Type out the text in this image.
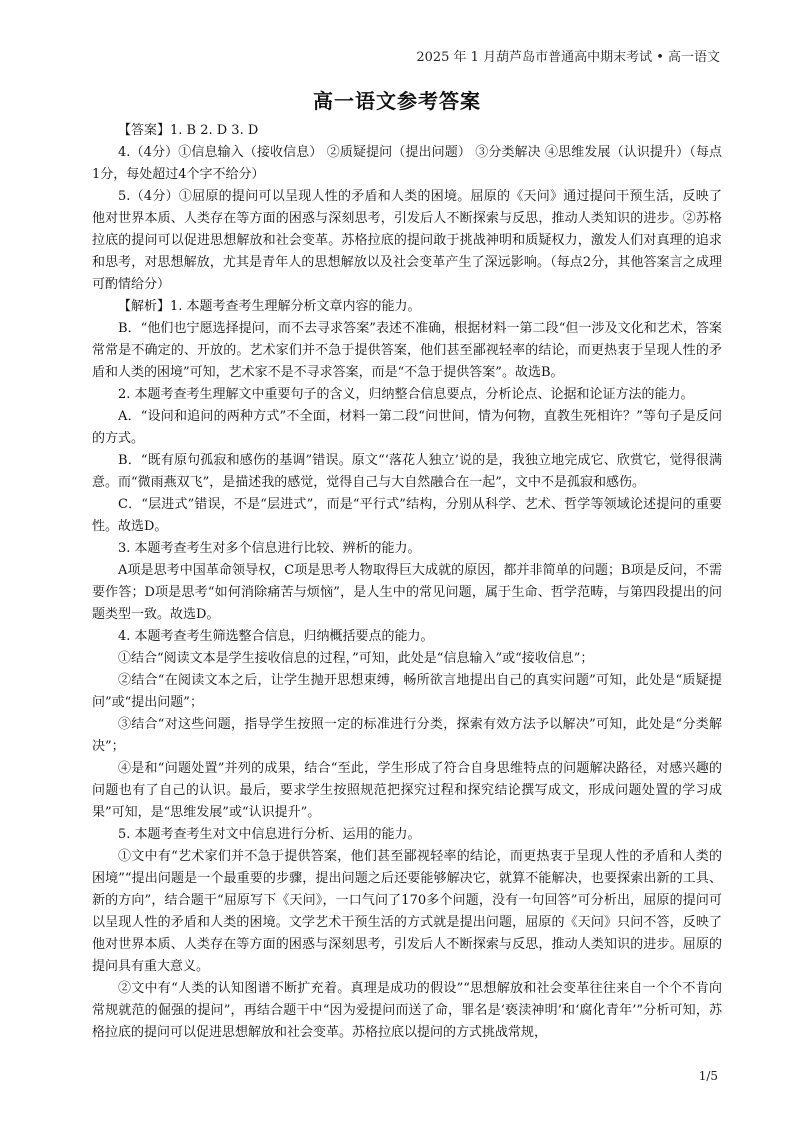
2025 年 1 月葫芦岛市普通高中期末考试 • 高一语文
高一语文参考答案

【答案】1. B 2. D 3. D

4.（4分）①信息输入（接收信息） ②质疑提问（提出问题） ③分类解决 ④思维发展（认识提升）（每点1分，每处超过4个字不给分）

5.（4分）①屈原的提问可以呈现人性的矛盾和人类的困境。屈原的《天问》通过提问干预生活，反映了他对世界本质、人类存在等方面的困惑与深刻思考，引发后人不断探索与反思，推动人类知识的进步。②苏格拉底的提问可以促进思想解放和社会变革。苏格拉底的提问敢于挑战神明和质疑权力，激发人们对真理的追求和思考，对思想解放，尤其是青年人的思想解放以及社会变革产生了深远影响。（每点2分，其他答案言之成理可酌情给分）

【解析】1. 本题考查考生理解分析文章内容的能力。

B．“他们也宁愿选择提问，而不去寻求答案”表述不准确，根据材料一第二段“但一涉及文化和艺术，答案常常是不确定的、开放的。艺术家们并不急于提供答案，他们甚至鄙视轻率的结论，而更热衷于呈现人性的矛盾和人类的困境”可知，艺术家不是不寻求答案，而是“不急于提供答案”。故选B。

2. 本题考查考生理解文中重要句子的含义，归纳整合信息要点，分析论点、论据和论证方法的能力。

A．“设问和追问的两种方式”不全面，材料一第二段“问世间，情为何物，直教生死相许？”等句子是反问的方式。

B．“既有原句孤寂和感伤的基调”错误。原文“‘落花人独立’说的是，我独立地完成它、欣赏它，觉得很满意。而“微雨燕双飞”，是描述我的感觉，觉得自己与大自然融合在一起”，文中不是孤寂和感伤。

C．“层进式”错误，不是“层进式”，而是“平行式”结构，分别从科学、艺术、哲学等领域论述提问的重要性。故选D。

3. 本题考查考生对多个信息进行比较、辨析的能力。

A项是思考中国革命领导权，C项是思考人物取得巨大成就的原因，都并非简单的问题；B项是反问，不需要作答；D项是思考“如何消除痛苦与烦恼”，是人生中的常见问题，属于生命、哲学范畴，与第四段提出的问题类型一致。故选D。

4. 本题考查考生筛选整合信息，归纳概括要点的能力。

①结合“阅读文本是学生接收信息的过程，”可知，此处是“信息输入”或“接收信息”；

②结合“在阅读文本之后，让学生抛开思想束缚，畅所欲言地提出自己的真实问题”可知，此处是“质疑提问”或“提出问题”；

③结合“对这些问题，指导学生按照一定的标准进行分类，探索有效方法予以解决”可知，此处是“分类解决”；

④是和“问题处置”并列的成果，结合“至此，学生形成了符合自身思维特点的问题解决路径，对感兴趣的问题也有了自己的认识。最后，要求学生按照规范把探究过程和探究结论撰写成文，形成问题处置的学习成果”可知，是“思维发展”或“认识提升”。

5. 本题考查考生对文中信息进行分析、运用的能力。

①文中有“艺术家们并不急于提供答案，他们甚至鄙视轻率的结论，而更热衷于呈现人性的矛盾和人类的困境”“提出问题是一个最重要的步骤，提出问题之后还要能够解决它，就算不能解决，也要探索出新的工具、新的方向”，结合题干“屈原写下《天问》，一口气问了170多个问题，没有一句回答”可分析出，屈原的提问可以呈现人性的矛盾和人类的困境。文学艺术干预生活的方式就是提出问题，屈原的《天问》只问不答，反映了他对世界本质、人类存在等方面的困惑与深刻思考，引发后人不断探索与反思，推动人类知识的进步。屈原的提问具有重大意义。

②文中有“人类的认知图谱不断扩充着。真理是成功的假设”“思想解放和社会变革往往来自一个个不肯向常规就范的倔强的提问”，再结合题干中“因为爱提问而送了命，罪名是‘亵渎神明’和‘腐化青年’”分析可知，苏格拉底的提问可以促进思想解放和社会变革。苏格拉底以提问的方式挑战常规，

1/5
